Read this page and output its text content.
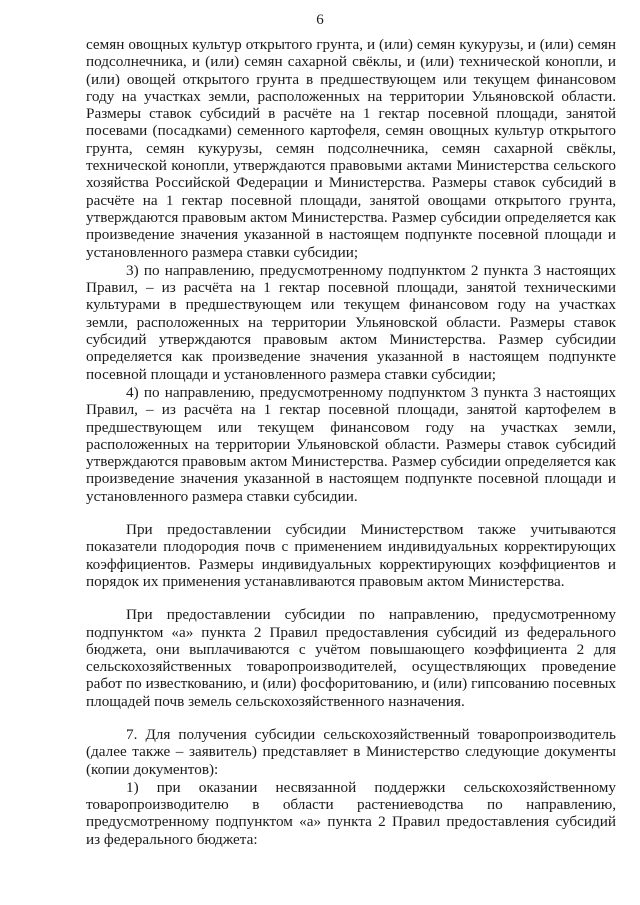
6

семян овощных культур открытого грунта, и (или) семян кукурузы, и (или) семян подсолнечника, и (или) семян сахарной свёклы, и (или) технической конопли, и (или) овощей открытого грунта в предшествующем или текущем финансовом году на участках земли, расположенных на территории Ульяновской области. Размеры ставок субсидий в расчёте на 1 гектар посевной площади, занятой посевами (посадками) семенного картофеля, семян овощных культур открытого грунта, семян кукурузы, семян подсолнечника, семян сахарной свёклы, технической конопли, утверждаются правовыми актами Министерства сельского хозяйства Российской Федерации и Министерства. Размеры ставок субсидий в расчёте на 1 гектар посевной площади, занятой овощами открытого грунта, утверждаются правовым актом Министерства. Размер субсидии определяется как произведение значения указанной в настоящем подпункте посевной площади и установленного размера ставки субсидии;

3) по направлению, предусмотренному подпунктом 2 пункта 3 настоящих Правил, – из расчёта на 1 гектар посевной площади, занятой техническими культурами в предшествующем или текущем финансовом году на участках земли, расположенных на территории Ульяновской области. Размеры ставок субсидий утверждаются правовым актом Министерства. Размер субсидии определяется как произведение значения указанной в настоящем подпункте посевной площади и установленного размера ставки субсидии;

4) по направлению, предусмотренному подпунктом 3 пункта 3 настоящих Правил, – из расчёта на 1 гектар посевной площади, занятой картофелем в предшествующем или текущем финансовом году на участках земли, расположенных на территории Ульяновской области. Размеры ставок субсидий утверждаются правовым актом Министерства. Размер субсидии определяется как произведение значения указанной в настоящем подпункте посевной площади и установленного размера ставки субсидии.

При предоставлении субсидии Министерством также учитываются показатели плодородия почв с применением индивидуальных корректирующих коэффициентов. Размеры индивидуальных корректирующих коэффициентов и порядок их применения устанавливаются правовым актом Министерства.

При предоставлении субсидии по направлению, предусмотренному подпунктом «а» пункта 2 Правил предоставления субсидий из федерального бюджета, они выплачиваются с учётом повышающего коэффициента 2 для сельскохозяйственных товаропроизводителей, осуществляющих проведение работ по известкованию, и (или) фосфоритованию, и (или) гипсованию посевных площадей почв земель сельскохозяйственного назначения.

7. Для получения субсидии сельскохозяйственный товаропроизводитель (далее также – заявитель) представляет в Министерство следующие документы (копии документов):

1) при оказании несвязанной поддержки сельскохозяйственному товаропроизводителю в области растениеводства по направлению, предусмотренному подпунктом «а» пункта 2 Правил предоставления субсидий из федерального бюджета:
